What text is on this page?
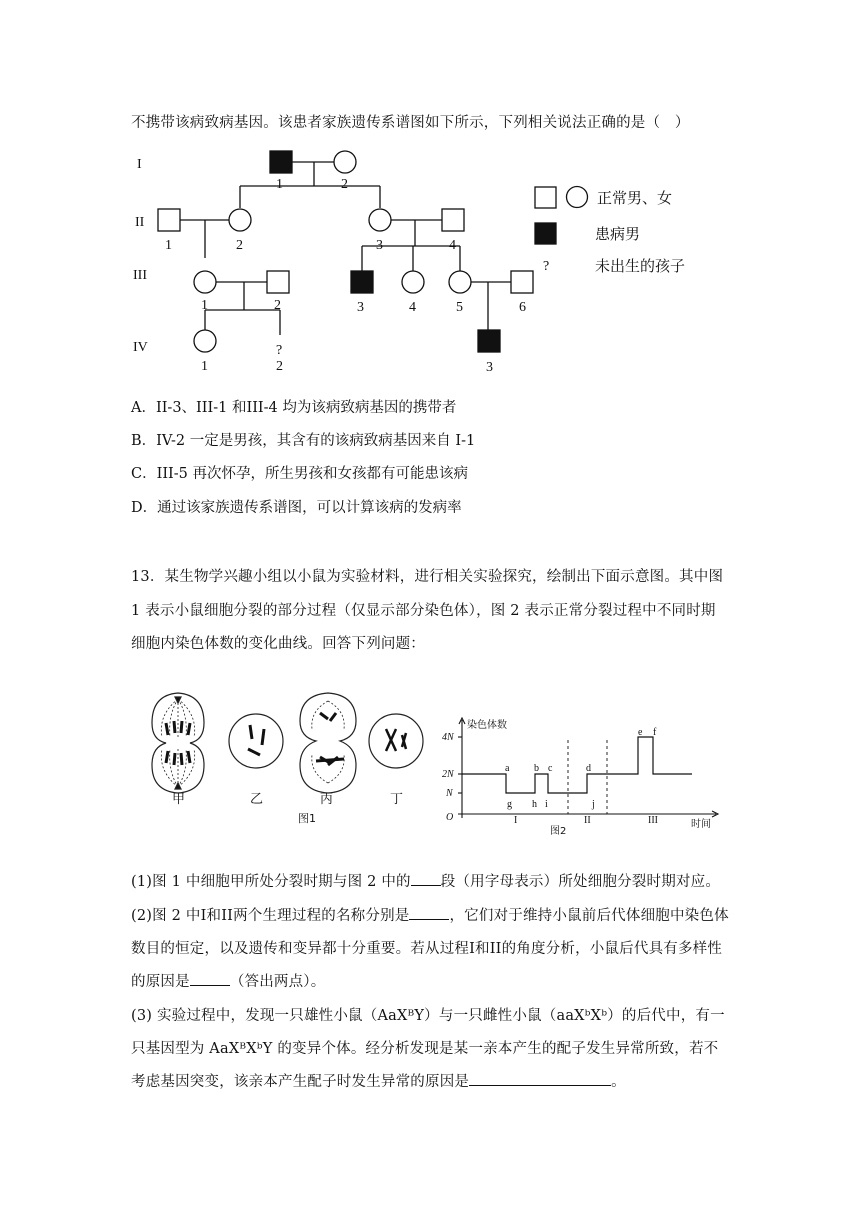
不携带该病致病基因。该患者家族遗传系谱图如下所示，下列相关说法正确的是（　）
I
II
III
IV
1	2
1	2	3	4
1	2	3	4	5	6
1
?
2	3
?
正常男、女
患病男
未出生的孩子
A．II-3、III-1 和III-4 均为该病致病基因的携带者
B．IV-2 一定是男孩，其含有的该病致病基因来自 I-1
C．III-5 再次怀孕，所生男孩和女孩都有可能患该病
D．通过该家族遗传系谱图，可以计算该病的发病率
13．某生物学兴趣小组以小鼠为实验材料，进行相关实验探究，绘制出下面示意图。其中图
1 表示小鼠细胞分裂的部分过程（仅显示部分染色体），图 2 表示正常分裂过程中不同时期
细胞内染色体数的变化曲线。回答下列问题：
甲	乙	丙	丁
图1
4N
2N
N
O
染色体数
时间
图2
a b c	d
e f
g h i	j
I	II	III
(1)图 1 中细胞甲所处分裂时期与图 2 中的 段（用字母表示）所处细胞分裂时期对应。
(2)图 2 中I和II两个生理过程的名称分别是	，它们对于维持小鼠前后代体细胞中染色体
数目的恒定，以及遗传和变异都十分重要。若从过程I和II的角度分析，小鼠后代具有多样性
的原因是	（答出两点）。
(3) 实验过程中，发现一只雄性小鼠（AaXᴮY）与一只雌性小鼠（aaXᵇXᵇ）的后代中，有一
只基因型为 AaXᴮXᵇY 的变异个体。经分析发现是某一亲本产生的配子发生异常所致，若不
考虑基因突变，该亲本产生配子时发生异常的原因是	。
